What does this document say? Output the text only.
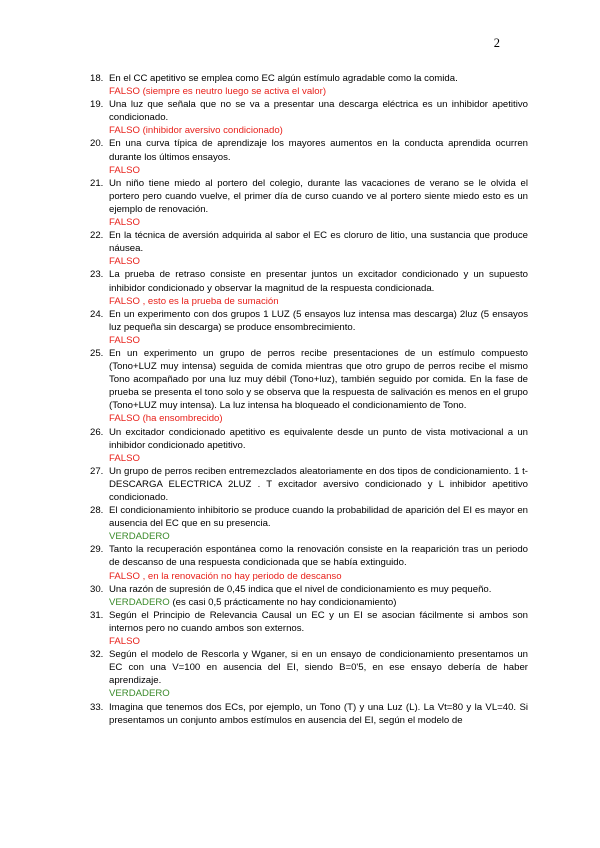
2
18. En el CC apetitivo se emplea como EC algún estímulo agradable como la comida.

FALSO (siempre es neutro luego se activa el valor)

19. Una luz que señala que no se va a presentar una descarga eléctrica es un inhibidor apetitivo condicionado.

FALSO (inhibidor aversivo condicionado)

20. En una curva típica de aprendizaje los mayores aumentos en la conducta aprendida ocurren durante los últimos ensayos.

FALSO

21. Un niño tiene miedo al portero del colegio, durante las vacaciones de verano se le olvida el portero pero cuando vuelve, el primer día de curso cuando ve al portero siente miedo esto es un ejemplo de renovación.

FALSO

22. En la técnica de aversión adquirida al sabor el EC es cloruro de litio, una sustancia que produce náusea.

FALSO

23. La prueba de retraso consiste en presentar juntos un excitador condicionado y un supuesto inhibidor condicionado y observar la magnitud de la respuesta condicionada.

FALSO , esto es la prueba de sumación

24. En un experimento con dos grupos 1 LUZ (5 ensayos luz intensa mas descarga) 2luz (5 ensayos luz pequeña sin descarga) se produce ensombrecimiento.

FALSO

25. En un experimento un grupo de perros recibe presentaciones de un estímulo compuesto (Tono+LUZ muy intensa) seguida de comida mientras que otro grupo de perros recibe el mismo Tono acompañado por una luz muy débil (Tono+luz), también seguido por comida. En la fase de prueba se presenta el tono solo y se observa que la respuesta de salivación es menos en el grupo (Tono+LUZ muy intensa). La luz intensa ha bloqueado el condicionamiento de Tono.

FALSO (ha ensombrecido)

26. Un excitador condicionado apetitivo es equivalente desde un punto de vista motivacional a un inhibidor condicionado apetitivo.

FALSO

27. Un grupo de perros reciben entremezclados aleatoriamente en dos tipos de condicionamiento. 1 t-DESCARGA ELECTRICA 2LUZ . T excitador aversivo condicionado y L inhibidor apetitivo condicionado.

28. El condicionamiento inhibitorio se produce cuando la probabilidad de aparición del EI es mayor en ausencia del EC que en su presencia.

VERDADERO

29. Tanto la recuperación espontánea como la renovación consiste en la reaparición tras un periodo de descanso de una respuesta condicionada que se había extinguido.

FALSO , en la renovación no hay periodo de descanso

30. Una razón de supresión de 0,45 indica que el nivel de condicionamiento es muy pequeño.

VERDADERO (es casi 0,5 prácticamente no hay condicionamiento)

31. Según el Principio de Relevancia Causal un EC y un EI se asocian fácilmente si ambos son internos pero no cuando ambos son externos.

FALSO

32. Según el modelo de Rescorla y Wganer, si en un ensayo de condicionamiento presentamos un EC con una V=100 en ausencia del EI, siendo B=0'5, en ese ensayo debería de haber aprendizaje.

VERDADERO

33. Imagina que tenemos dos ECs, por ejemplo, un Tono (T) y una Luz (L). La Vt=80 y la VL=40. Si presentamos un conjunto ambos estímulos en ausencia del EI, según el modelo de
